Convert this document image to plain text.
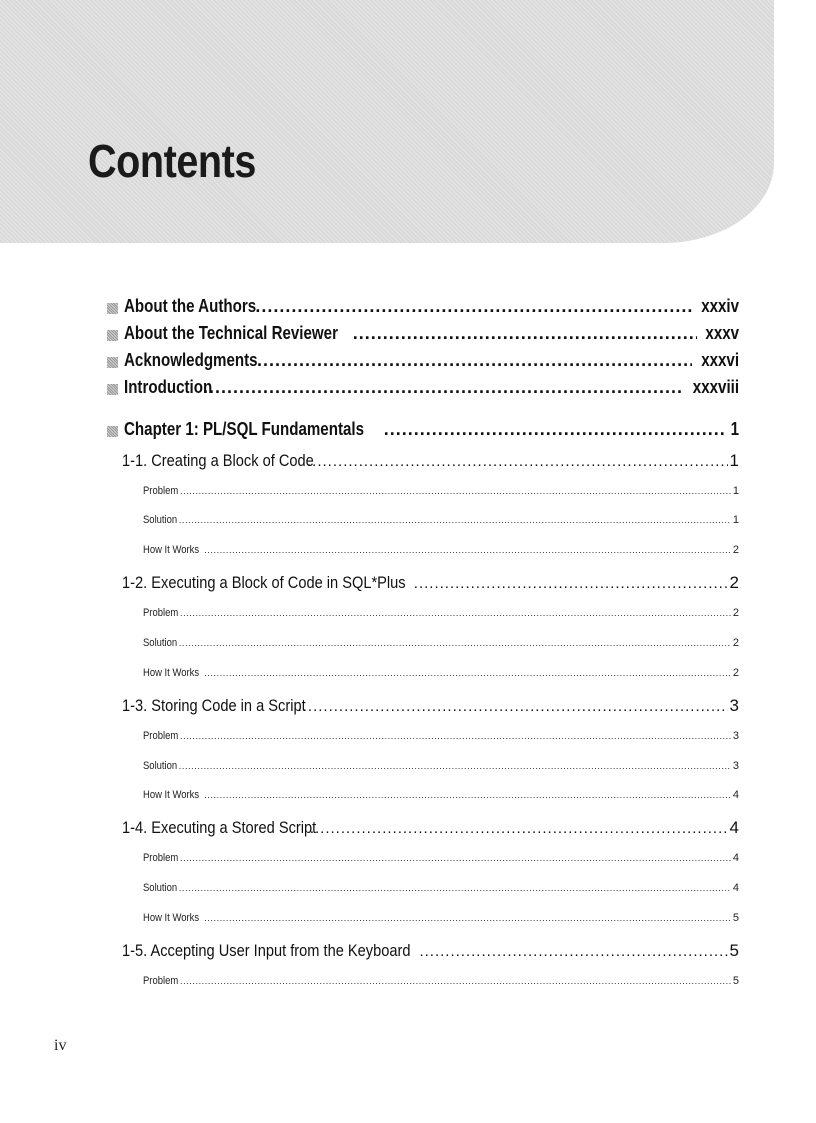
Contents
About the Authors .....	xxxiv
About the Technical Reviewer .....	xxxv
Acknowledgments .....	xxxvi
Introduction .....	xxxviii
Chapter 1: PL/SQL Fundamentals .....	1
1-1. Creating a Block of Code .....	1
Problem .....	1
Solution .....	1
How It Works .....	2
1-2. Executing a Block of Code in SQL*Plus .....	2
Problem .....	2
Solution .....	2
How It Works .....	2
1-3. Storing Code in a Script .....	3
Problem .....	3
Solution .....	3
How It Works .....	4
1-4. Executing a Stored Script .....	4
Problem .....	4
Solution .....	4
How It Works .....	5
1-5. Accepting User Input from the Keyboard .....	5
Problem .....	5
iv
